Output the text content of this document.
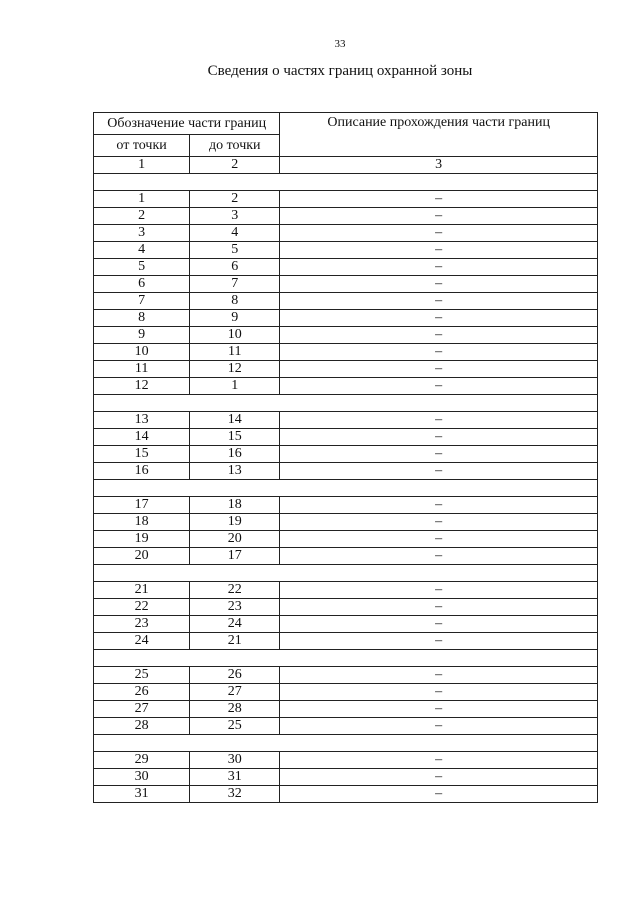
33
Сведения о частях границ охранной зоны
Обозначение части границ		Описание прохождения части границ
от точки	до точки	
1	2	3

1	2	–
2	3	–
3	4	–
4	5	–
5	6	–
6	7	–
7	8	–
8	9	–
9	10	–
10	11	–
11	12	–
12	1	–

13	14	–
14	15	–
15	16	–
16	13	–

17	18	–
18	19	–
19	20	–
20	17	–

21	22	–
22	23	–
23	24	–
24	21	–

25	26	–
26	27	–
27	28	–
28	25	–

29	30	–
30	31	–
31	32	–
